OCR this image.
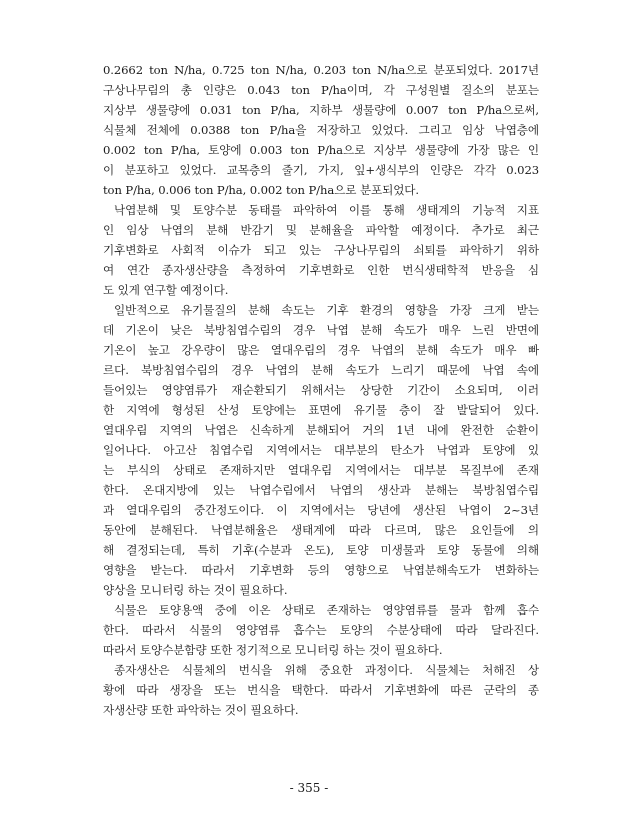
0.2662 ton N/ha, 0.725 ton N/ha, 0.203 ton N/ha으로 분포되었다. 2017년
구상나무림의 총 인량은 0.043 ton P/ha이며, 각 구성원별 질소의 분포는
지상부 생물량에 0.031 ton P/ha, 지하부 생물량에 0.007 ton P/ha으로써,
식물체 전체에 0.0388 ton P/ha을 저장하고 있었다. 그리고 임상 낙엽층에
0.002 ton P/ha, 토양에 0.003 ton P/ha으로 지상부 생물량에 가장 많은 인
이 분포하고 있었다. 교목층의 줄기, 가지, 잎+생식부의 인량은 각각 0.023
ton P/ha, 0.006 ton P/ha, 0.002 ton P/ha으로 분포되었다.
낙엽분해 및 토양수분 동태를 파악하여 이를 통해 생태계의 기능적 지표
인 임상 낙엽의 분해 반감기 및 분해율을 파악할 예정이다. 추가로 최근
기후변화로 사회적 이슈가 되고 있는 구상나무림의 쇠퇴를 파악하기 위하
여 연간 종자생산량을 측정하여 기후변화로 인한 번식생태학적 반응을 심
도 있게 연구할 예정이다.
일반적으로 유기물질의 분해 속도는 기후 환경의 영향을 가장 크게 받는
데 기온이 낮은 북방침엽수림의 경우 낙엽 분해 속도가 매우 느린 반면에
기온이 높고 강우량이 많은 열대우림의 경우 낙엽의 분해 속도가 매우 빠
르다. 북방침엽수림의 경우 낙엽의 분해 속도가 느리기 때문에 낙엽 속에
들어있는 영양염류가 재순환되기 위해서는 상당한 기간이 소요되며, 이러
한 지역에 형성된 산성 토양에는 표면에 유기물 층이 잘 발달되어 있다.
열대우림 지역의 낙엽은 신속하게 분해되어 거의 1년 내에 완전한 순환이
일어나다. 아고산 침엽수림 지역에서는 대부분의 탄소가 낙엽과 토양에 있
는 부식의 상태로 존재하지만 열대우림 지역에서는 대부분 목질부에 존재
한다. 온대지방에 있는 낙엽수림에서 낙엽의 생산과 분해는 북방침엽수림
과 열대우림의 중간정도이다. 이 지역에서는 당년에 생산된 낙엽이 2~3년
동안에 분해된다. 낙엽분해율은 생태계에 따라 다르며, 많은 요인들에 의
해 결정되는데, 특히 기후(수분과 온도), 토양 미생물과 토양 동물에 의해
영향을 받는다. 따라서 기후변화 등의 영향으로 낙엽분해속도가 변화하는
양상을 모니터링 하는 것이 필요하다.
식물은 토양용액 중에 이온 상태로 존재하는 영양염류를 물과 함께 흡수
한다. 따라서 식물의 영양염류 흡수는 토양의 수분상태에 따라 달라진다.
따라서 토양수분함량 또한 정기적으로 모니터링 하는 것이 필요하다.
종자생산은 식물체의 번식을 위해 중요한 과정이다. 식물체는 처해진 상
황에 따라 생장을 또는 번식을 택한다. 따라서 기후변화에 따른 군락의 종
자생산량 또한 파악하는 것이 필요하다.
- 355 -
